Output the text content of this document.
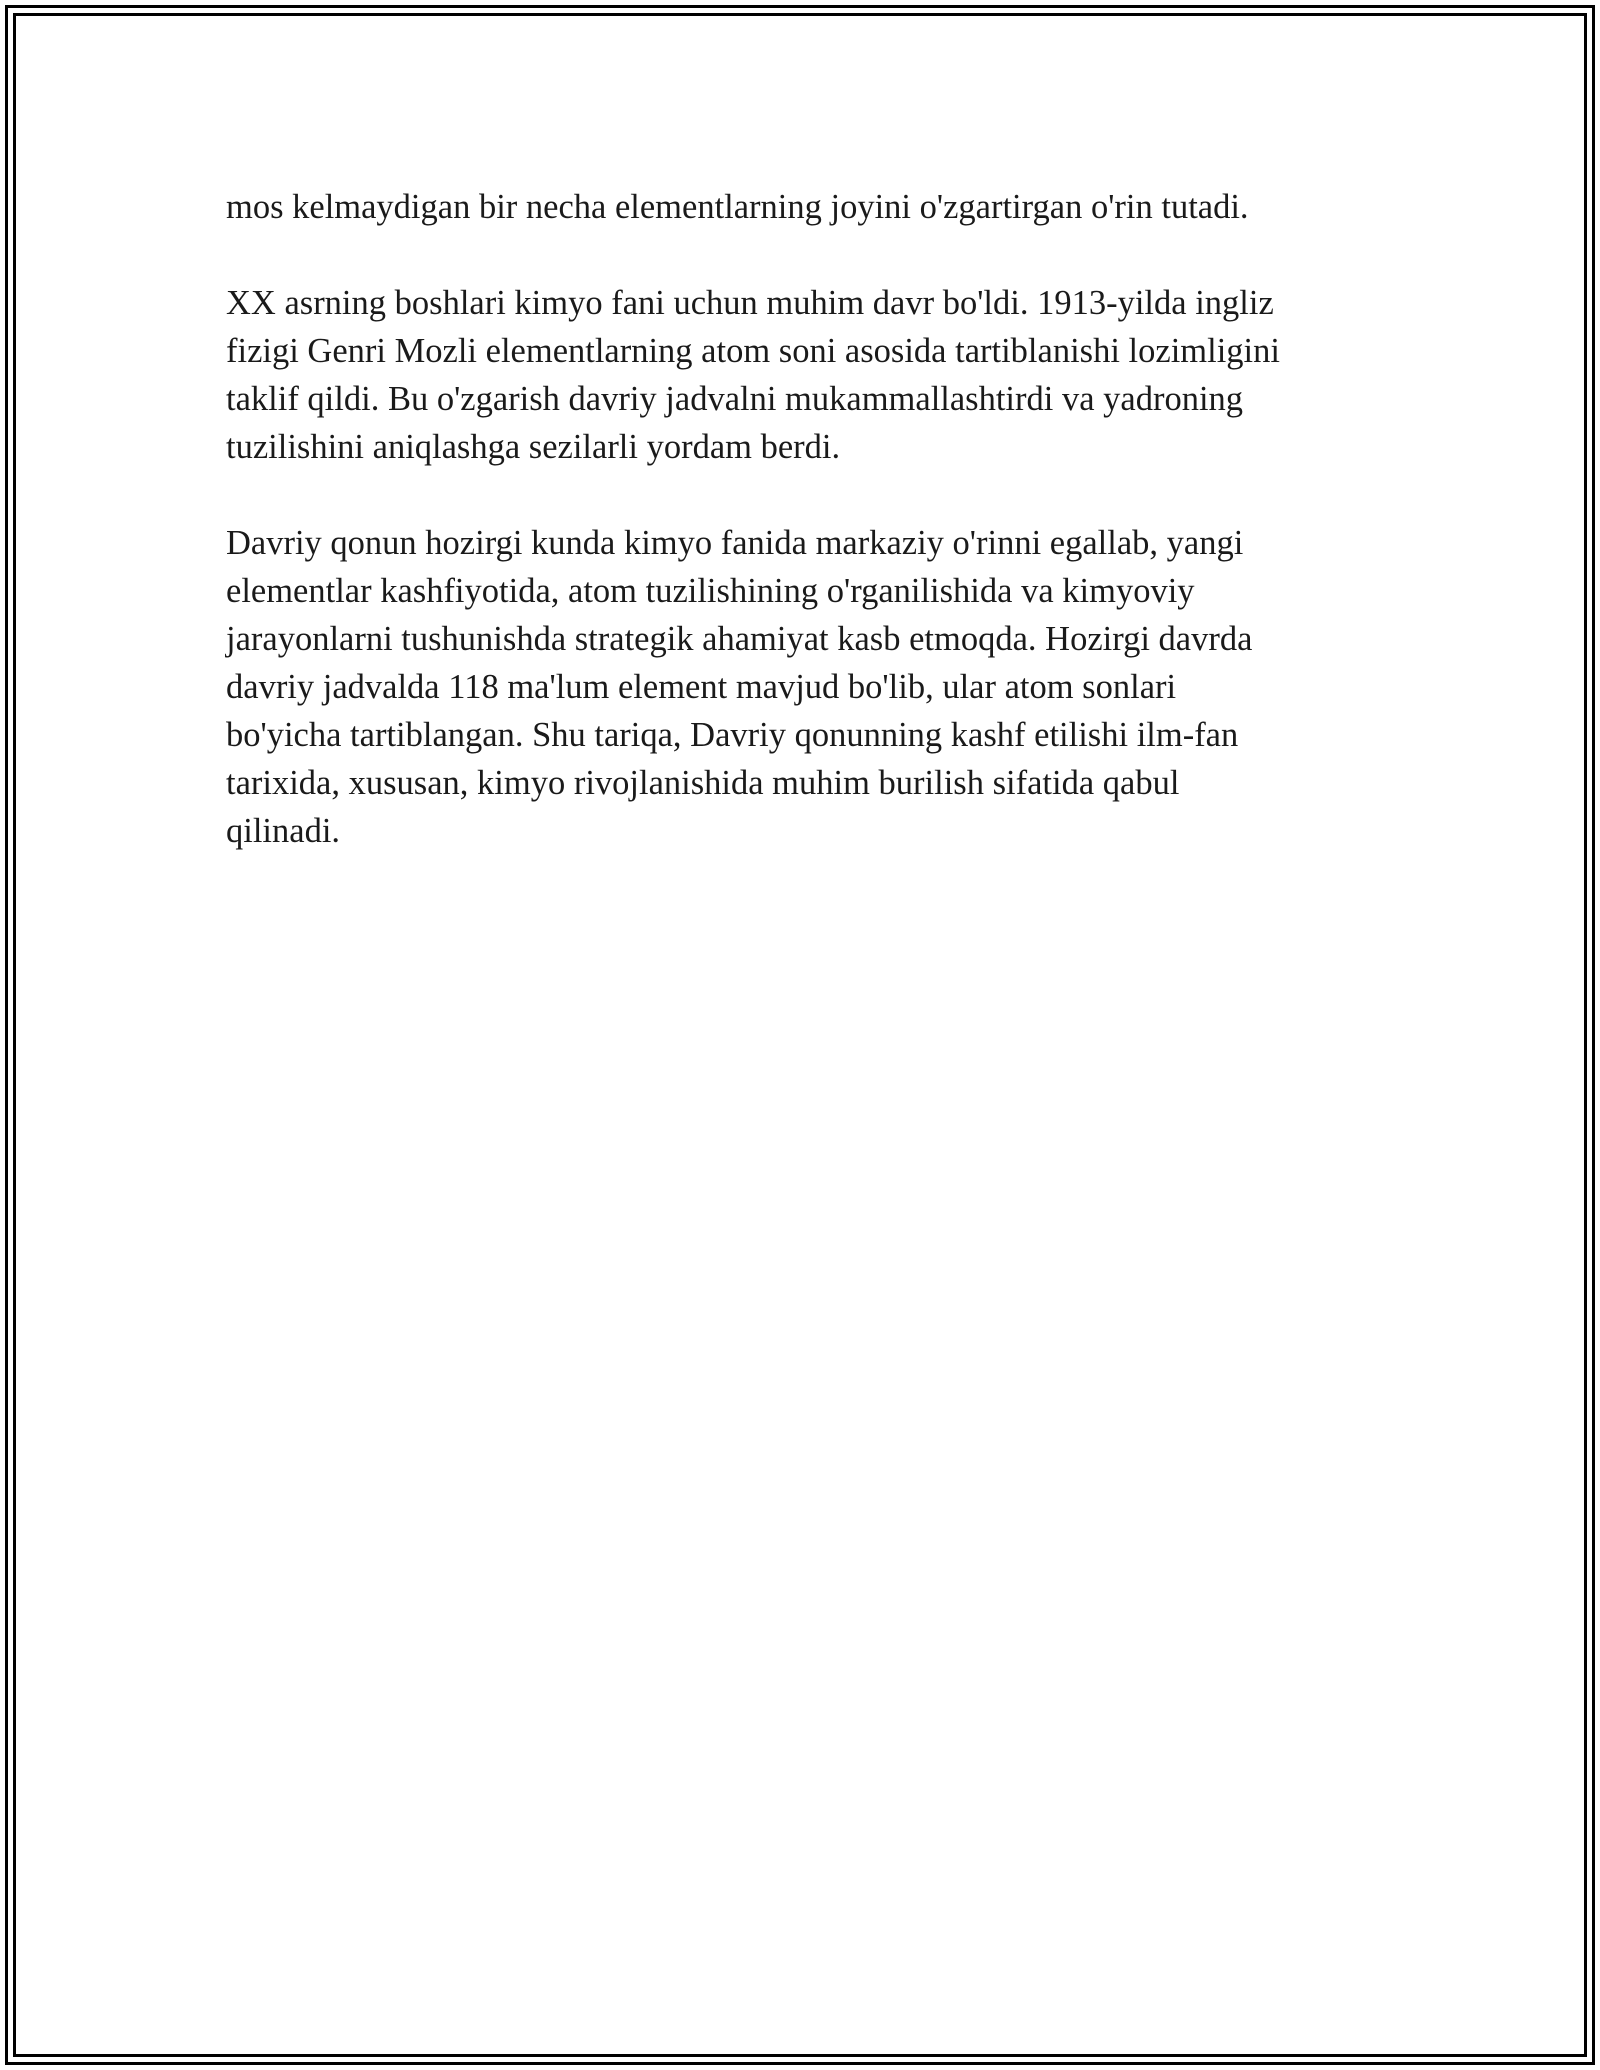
mos kelmaydigan bir necha elementlarning joyini o'zgartirgan o'rin tutadi.

XX asrning boshlari kimyo fani uchun muhim davr bo'ldi. 1913-yilda ingliz
fizigi Genri Mozli elementlarning atom soni asosida tartiblanishi lozimligini
taklif qildi. Bu o'zgarish davriy jadvalni mukammallashtirdi va yadroning
tuzilishini aniqlashga sezilarli yordam berdi.

Davriy qonun hozirgi kunda kimyo fanida markaziy o'rinni egallab, yangi
elementlar kashfiyotida, atom tuzilishining o'rganilishida va kimyoviy
jarayonlarni tushunishda strategik ahamiyat kasb etmoqda. Hozirgi davrda
davriy jadvalda 118 ma'lum element mavjud bo'lib, ular atom sonlari
bo'yicha tartiblangan. Shu tariqa, Davriy qonunning kashf etilishi ilm-fan
tarixida, xususan, kimyo rivojlanishida muhim burilish sifatida qabul
qilinadi.
